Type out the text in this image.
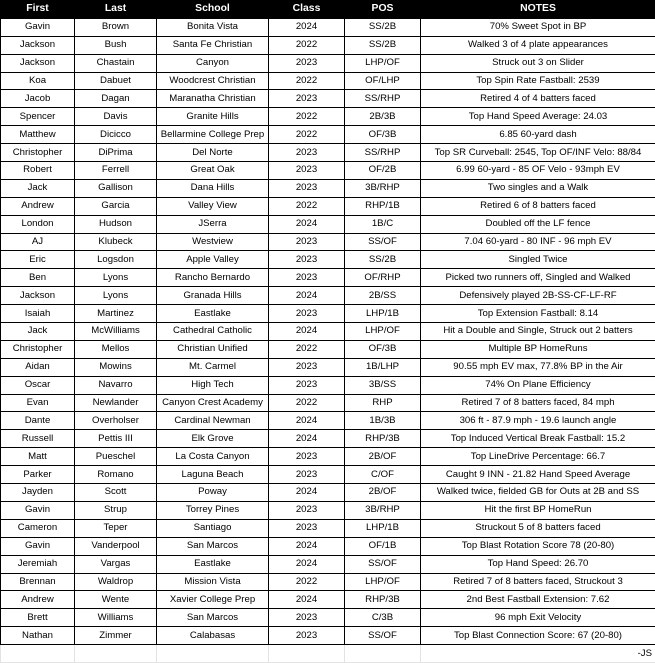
First	Last	School	Class	POS	NOTES
Gavin	Brown	Bonita Vista	2024	SS/2B	70% Sweet Spot in BP
Jackson	Bush	Santa Fe Christian	2022	SS/2B	Walked 3 of 4 plate appearances
Jackson	Chastain	Canyon	2023	LHP/OF	Struck out 3 on Slider
Koa	Dabuet	Woodcrest Christian	2022	OF/LHP	Top Spin Rate Fastball: 2539
Jacob	Dagan	Maranatha Christian	2023	SS/RHP	Retired 4 of 4 batters faced
Spencer	Davis	Granite Hills	2022	2B/3B	Top Hand Speed Average: 24.03
Matthew	Dicicco	Bellarmine College Prep	2022	OF/3B	6.85 60-yard dash
Christopher	DiPrima	Del Norte	2023	SS/RHP	Top SR Curveball: 2545, Top OF/INF Velo: 88/84
Robert	Ferrell	Great Oak	2023	OF/2B	6.99 60-yard - 85 OF Velo - 93mph EV
Jack	Gallison	Dana Hills	2023	3B/RHP	Two singles and a Walk
Andrew	Garcia	Valley View	2022	RHP/1B	Retired 6 of 8 batters faced
London	Hudson	JSerra	2024	1B/C	Doubled off the LF fence
AJ	Klubeck	Westview	2023	SS/OF	7.04 60-yard - 80 INF - 96 mph EV
Eric	Logsdon	Apple Valley	2023	SS/2B	Singled Twice
Ben	Lyons	Rancho Bernardo	2023	OF/RHP	Picked two runners off, Singled and Walked
Jackson	Lyons	Granada Hills	2024	2B/SS	Defensively played 2B-SS-CF-LF-RF
Isaiah	Martinez	Eastlake	2023	LHP/1B	Top Extension Fastball: 8.14
Jack	McWilliams	Cathedral Catholic	2024	LHP/OF	Hit a Double and Single, Struck out 2 batters
Christopher	Mellos	Christian Unified	2022	OF/3B	Multiple BP HomeRuns
Aidan	Mowins	Mt. Carmel	2023	1B/LHP	90.55 mph EV max, 77.8% BP in the Air
Oscar	Navarro	High Tech	2023	3B/SS	74% On Plane Efficiency
Evan	Newlander	Canyon Crest Academy	2022	RHP	Retired 7 of 8 batters faced, 84 mph
Dante	Overholser	Cardinal Newman	2024	1B/3B	306 ft - 87.9 mph - 19.6 launch angle
Russell	Pettis III	Elk Grove	2024	RHP/3B	Top Induced Vertical Break Fastball: 15.2
Matt	Pueschel	La Costa Canyon	2023	2B/OF	Top LineDrive Percentage: 66.7
Parker	Romano	Laguna Beach	2023	C/OF	Caught 9 INN - 21.82 Hand Speed Average
Jayden	Scott	Poway	2024	2B/OF	Walked twice, fielded GB for Outs at 2B and SS
Gavin	Strup	Torrey Pines	2023	3B/RHP	Hit the first BP HomeRun
Cameron	Teper	Santiago	2023	LHP/1B	Struckout 5 of 8 batters faced
Gavin	Vanderpool	San Marcos	2024	OF/1B	Top Blast Rotation Score 78 (20-80)
Jeremiah	Vargas	Eastlake	2024	SS/OF	Top Hand Speed: 26.70
Brennan	Waldrop	Mission Vista	2022	LHP/OF	Retired 7 of 8 batters faced, Struckout 3
Andrew	Wente	Xavier College Prep	2024	RHP/3B	2nd Best Fastball Extension: 7.62
Brett	Williams	San Marcos	2023	C/3B	96 mph Exit Velocity
Nathan	Zimmer	Calabasas	2023	SS/OF	Top Blast Connection Score: 67 (20-80)
					-JS
